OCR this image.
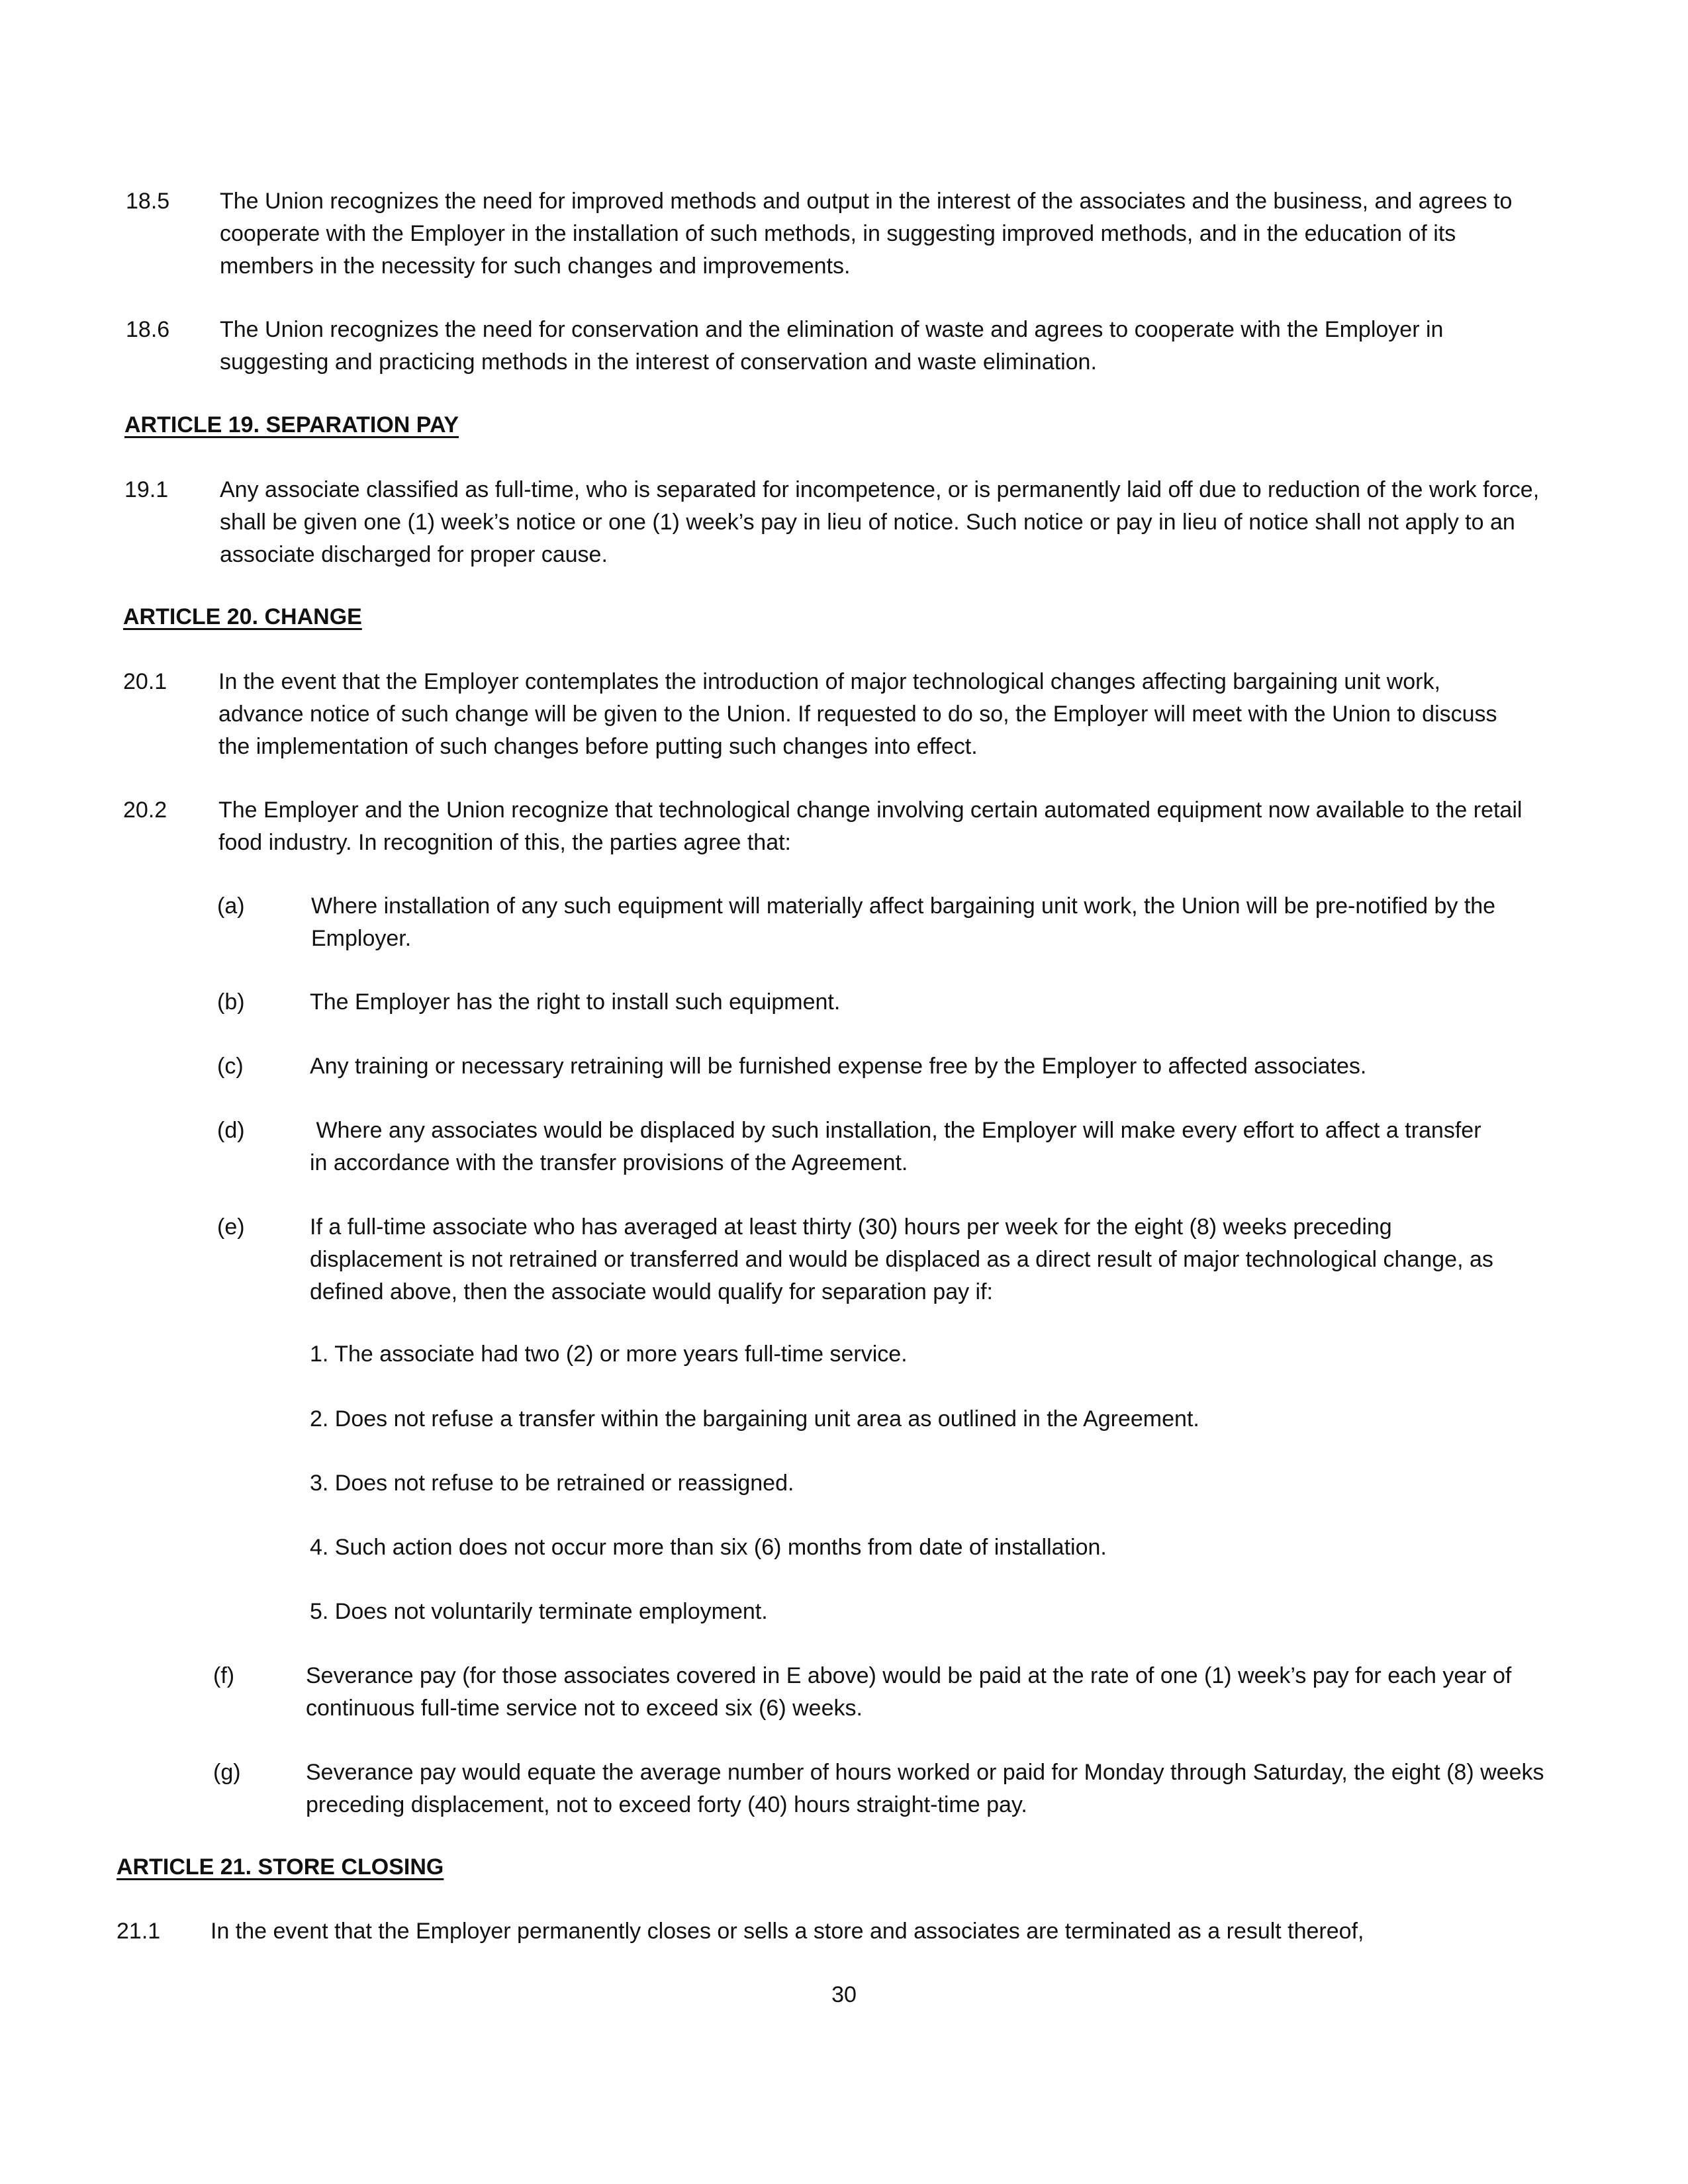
18.5 The Union recognizes the need for improved methods and output in the interest of the associates and the business, and agrees to cooperate with the Employer in the installation of such methods, in suggesting improved methods, and in the education of its members in the necessity for such changes and improvements.

18.6 The Union recognizes the need for conservation and the elimination of waste and agrees to cooperate with the Employer in suggesting and practicing methods in the interest of conservation and waste elimination.

ARTICLE 19. SEPARATION PAY

19.1 Any associate classified as full-time, who is separated for incompetence, or is permanently laid off due to reduction of the work force, shall be given one (1) week’s notice or one (1) week’s pay in lieu of notice. Such notice or pay in lieu of notice shall not apply to an associate discharged for proper cause.

ARTICLE 20. CHANGE

20.1 In the event that the Employer contemplates the introduction of major technological changes affecting bargaining unit work, advance notice of such change will be given to the Union. If requested to do so, the Employer will meet with the Union to discuss the implementation of such changes before putting such changes into effect.

20.2 The Employer and the Union recognize that technological change involving certain automated equipment now available to the retail food industry. In recognition of this, the parties agree that:

(a)	Where installation of any such equipment will materially affect bargaining unit work, the Union will be pre-notified by the Employer.

(b)	The Employer has the right to install such equipment.

(c)	Any training or necessary retraining will be furnished expense free by the Employer to affected associates.

(d)	Where any associates would be displaced by such installation, the Employer will make every effort to affect a transfer in accordance with the transfer provisions of the Agreement.

(e)	If a full-time associate who has averaged at least thirty (30) hours per week for the eight (8) weeks preceding displacement is not retrained or transferred and would be displaced as a direct result of major technological change, as defined above, then the associate would qualify for separation pay if:

1. The associate had two (2) or more years full-time service.

2. Does not refuse a transfer within the bargaining unit area as outlined in the Agreement.

3. Does not refuse to be retrained or reassigned.

4. Such action does not occur more than six (6) months from date of installation.

5. Does not voluntarily terminate employment.

(f)	Severance pay (for those associates covered in E above) would be paid at the rate of one (1) week’s pay for each year of continuous full-time service not to exceed six (6) weeks.

(g)	Severance pay would equate the average number of hours worked or paid for Monday through Saturday, the eight (8) weeks preceding displacement, not to exceed forty (40) hours straight-time pay.

ARTICLE 21. STORE CLOSING

21.1 In the event that the Employer permanently closes or sells a store and associates are terminated as a result thereof,

30
